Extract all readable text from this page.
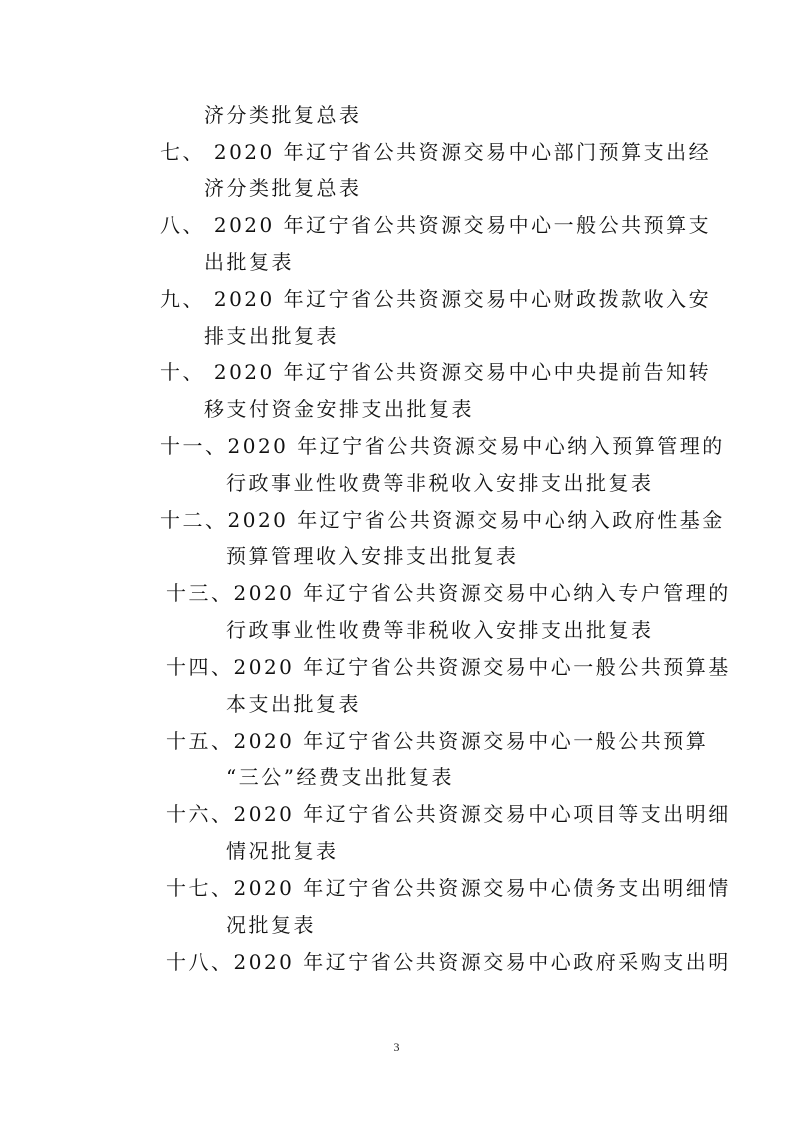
济分类批复总表
七、 2020 年辽宁省公共资源交易中心部门预算支出经
济分类批复总表
八、 2020 年辽宁省公共资源交易中心一般公共预算支
出批复表
九、 2020 年辽宁省公共资源交易中心财政拨款收入安
排支出批复表
十、 2020 年辽宁省公共资源交易中心中央提前告知转
移支付资金安排支出批复表
十一、2020 年辽宁省公共资源交易中心纳入预算管理的
行政事业性收费等非税收入安排支出批复表
十二、2020 年辽宁省公共资源交易中心纳入政府性基金
预算管理收入安排支出批复表
十三、2020 年辽宁省公共资源交易中心纳入专户管理的
行政事业性收费等非税收入安排支出批复表
十四、2020 年辽宁省公共资源交易中心一般公共预算基
本支出批复表
十五、2020 年辽宁省公共资源交易中心一般公共预算
“三公”经费支出批复表
十六、2020 年辽宁省公共资源交易中心项目等支出明细
情况批复表
十七、2020 年辽宁省公共资源交易中心债务支出明细情
况批复表
十八、2020 年辽宁省公共资源交易中心政府采购支出明
3
